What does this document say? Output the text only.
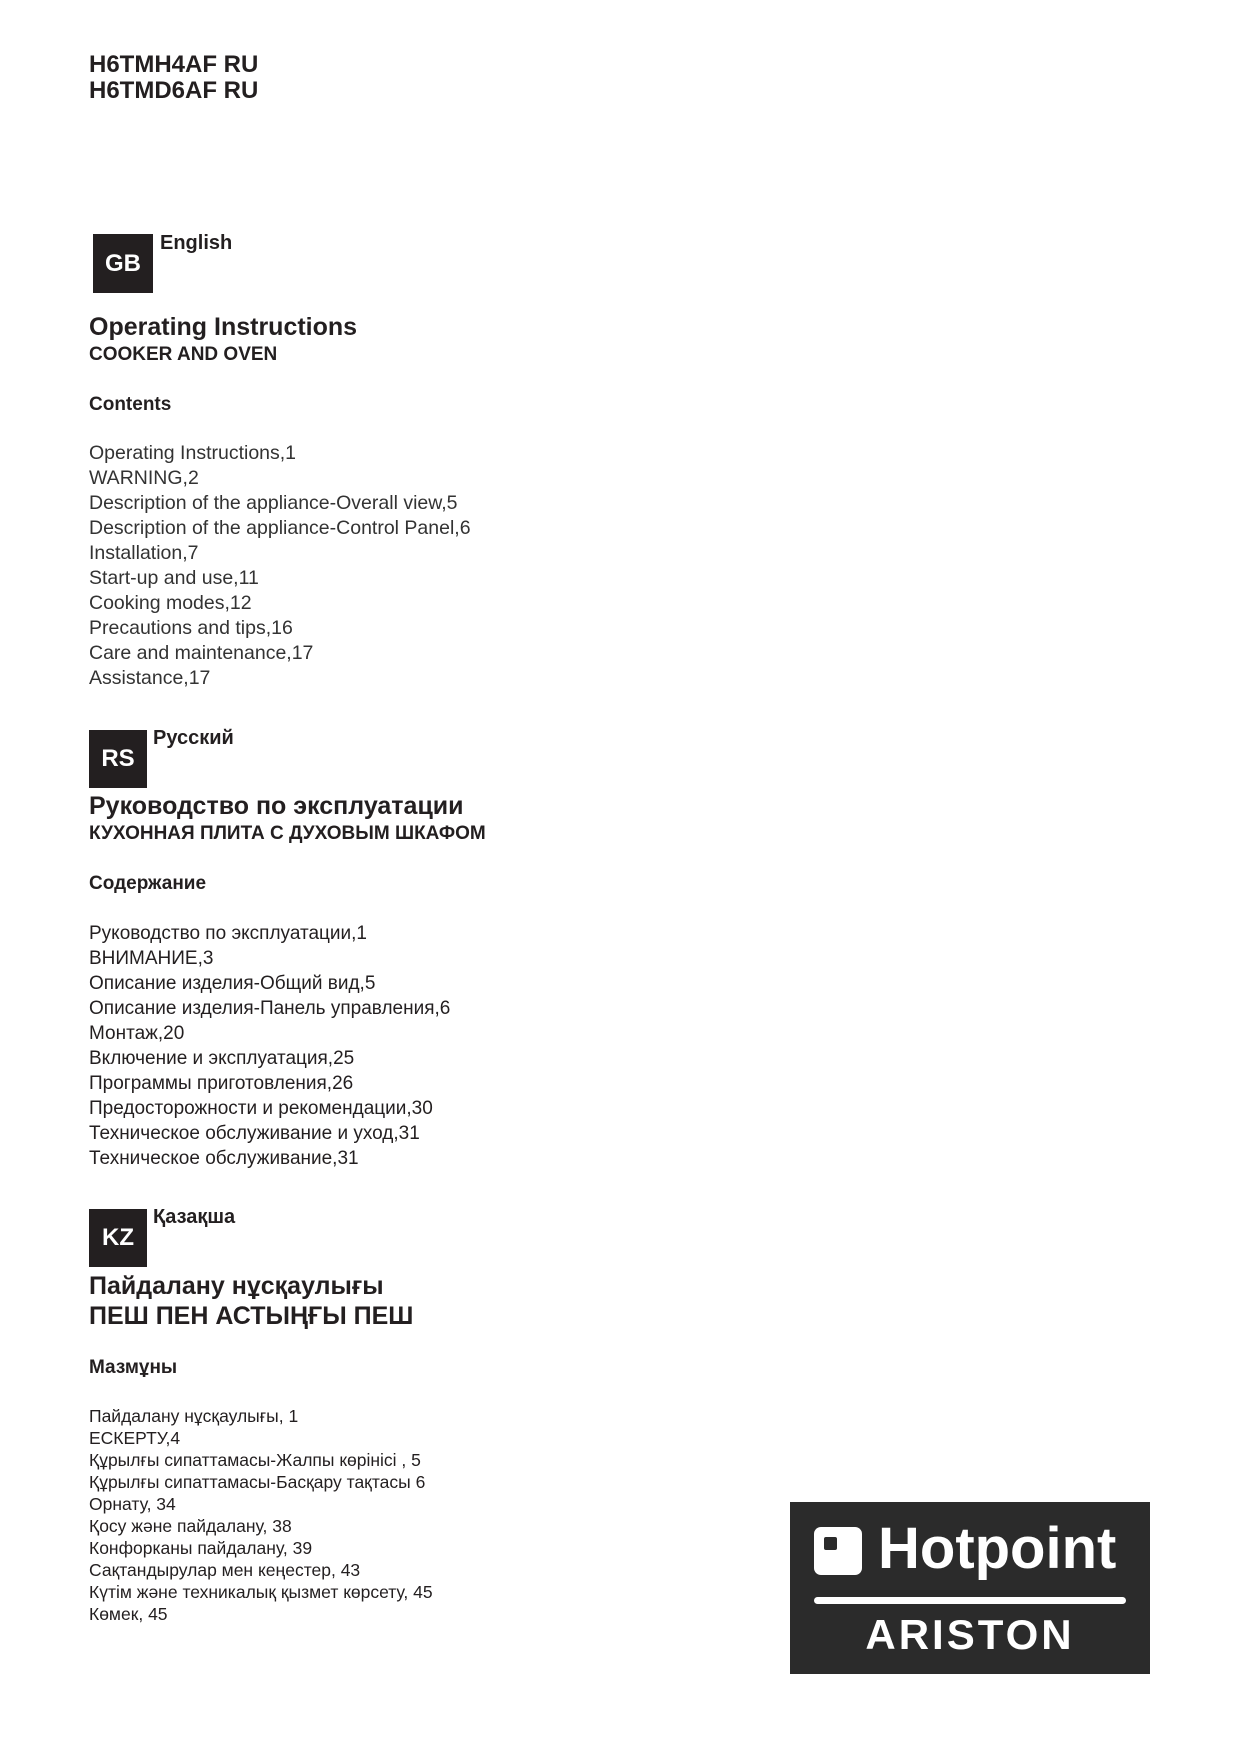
H6TMH4AF RU
H6TMD6AF RU
GB
English
Operating Instructions
COOKER AND OVEN
Contents
Operating Instructions,1
WARNING,2
Description of the appliance-Overall view,5
Description of the appliance-Control Panel,6
Installation,7
Start-up and use,11
Cooking modes,12
Precautions and tips,16
Care and maintenance,17
Assistance,17
RS
Русский
Руководство по эксплуатации
КУХОННАЯ ПЛИТА С ДУХОВЫМ ШКАФОМ
Содержание
Руководство по эксплуатации,1
ВНИМАНИЕ,3
Описание изделия-Общий вид,5
Описание изделия-Панель управления,6
Монтаж,20
Включение и эксплуатация,25
Программы приготовления,26
Предосторожности и рекомендации,30
Техническое обслуживание и уход,31
Техническое обслуживание,31
KZ
Қазақша
Пайдалану нұсқаулығы
ПЕШ ПЕН АСТЫҢҒЫ ПЕШ
Мазмұны
Пайдалану нұсқаулығы, 1
ЕСКЕРТУ,4
Құрылғы сипаттамасы-Жалпы көрінісі , 5
Құрылғы сипаттамасы-Басқару тақтасы 6
Орнату, 34
Қосу және пайдалану, 38
Конфорканы пайдалану, 39
Сақтандырулар мен кеңестер, 43
Күтім және техникалық қызмет көрсету, 45
Көмек, 45
Hotpoint
ARISTON
